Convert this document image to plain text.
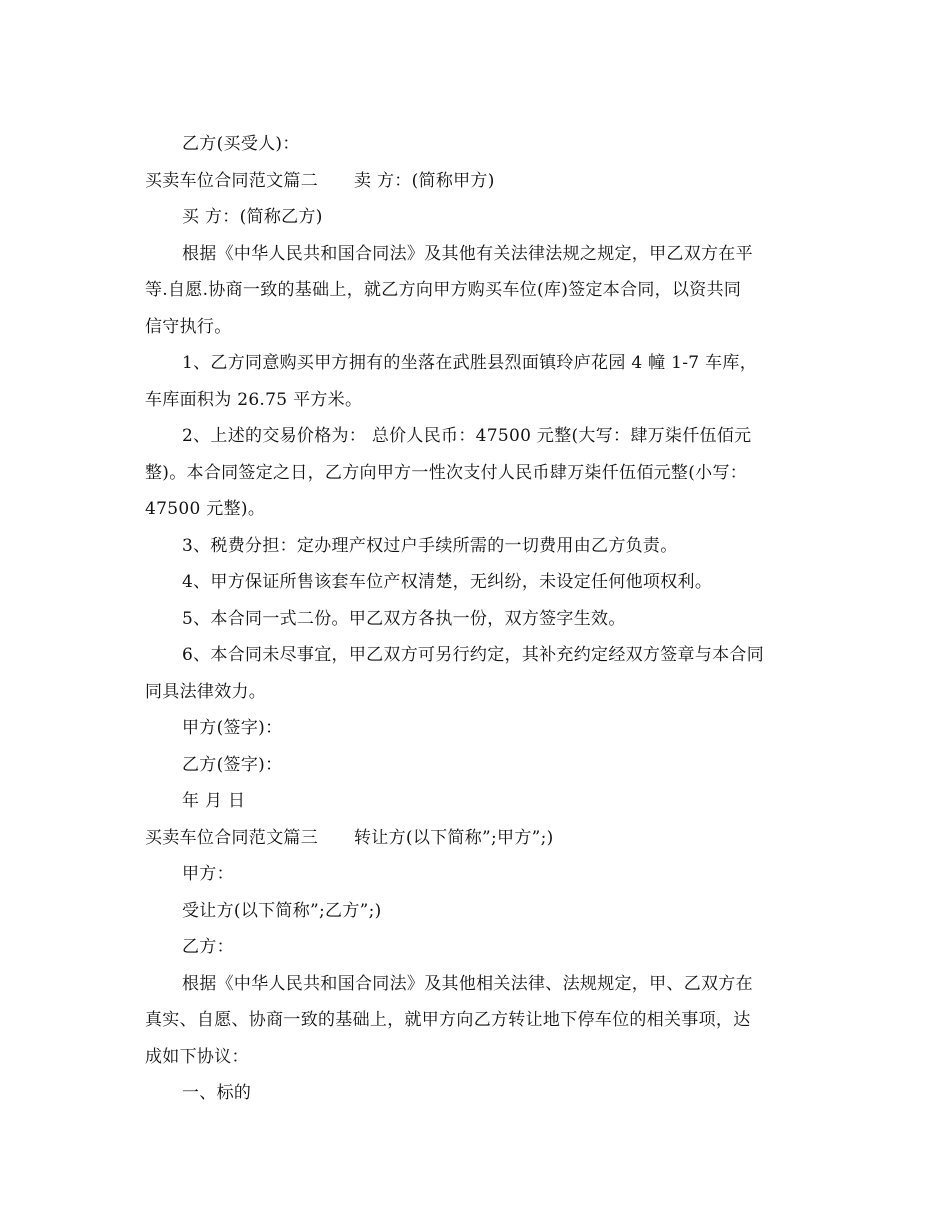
乙方(买受人)：
买卖车位合同范文篇二 卖 方：(简称甲方)
买 方：(简称乙方)
根据《中华人民共和国合同法》及其他有关法律法规之规定，甲乙双方在平
等.自愿.协商一致的基础上，就乙方向甲方购买车位(库)签定本合同，以资共同
信守执行。
1、乙方同意购买甲方拥有的坐落在武胜县烈面镇玲庐花园 4 幢 1-7 车库，
车库面积为 26.75 平方米。
2、上述的交易价格为： 总价人民币：47500 元整(大写：肆万柒仟伍佰元
整)。本合同签定之日，乙方向甲方一性次支付人民币肆万柒仟伍佰元整(小写：
47500 元整)。
3、税费分担：定办理产权过户手续所需的一切费用由乙方负责。
4、甲方保证所售该套车位产权清楚，无纠纷，未设定任何他项权利。
5、本合同一式二份。甲乙双方各执一份，双方签字生效。
6、本合同未尽事宜，甲乙双方可另行约定，其补充约定经双方签章与本合同
同具法律效力。
甲方(签字)：
乙方(签字)：
年 月 日
买卖车位合同范文篇三 转让方(以下简称”;甲方”;)
甲方：
受让方(以下简称”;乙方”;)
乙方：
根据《中华人民共和国合同法》及其他相关法律、法规规定，甲、乙双方在
真实、自愿、协商一致的基础上，就甲方向乙方转让地下停车位的相关事项，达
成如下协议：
一、标的
